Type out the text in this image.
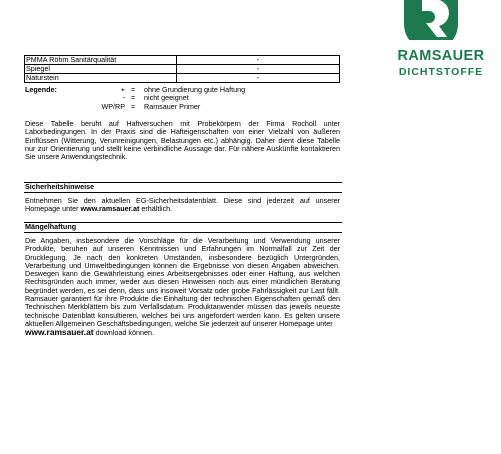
RAMSAUER
DICHTSTOFFE
PMMA Röhm Sanitärqualität	-
Spiegel	-
Naturstein	-
Legende:	+ = ohne Grundierung gute Haftung
- = nicht geeignet
WP/RP = Ramsauer Primer
Diese Tabelle beruht auf Haftversuchen mit Probekörpern der Firma Rocholl unter Laborbedingungen. In der Praxis sind die Hafteigenschaften von einer Vielzahl von äußeren Einflüssen (Witterung, Verunreinigungen, Belastungen etc.) abhängig. Daher dient diese Tabelle nur zur Orientierung und stellt keine verbindliche Aussage dar. Für nähere Auskünfte kontaktieren Sie unsere Anwendungstechnik.
Sicherheitshinweise
Entnehmen Sie den aktuellen EG-Sicherheitsdatenblatt. Diese sind jederzeit auf unserer Homepage unter www.ramsauer.at erhältlich.
Mängelhaftung
Die Angaben, insbesondere die Vorschläge für die Verarbeitung und Verwendung unserer Produkte, beruhen auf unseren Kenntnissen und Erfahrungen im Normalfall zur Zeit der Drucklegung. Je nach den konkreten Umständen, insbesondere bezüglich Untergründen, Verarbeitung und Umweltbedingungen können die Ergebnisse von diesen Angaben abweichen. Deswegen kann die Gewährleistung eines Arbeitsergebnisses oder einer Haftung, aus welchen Rechtsgründen auch immer, weder aus diesen Hinweisen noch aus einer mündlichen Beratung begründet werden, es sei denn, dass uns insoweit Vorsatz oder grobe Fahrlässigkeit zur Last fällt. Ramsauer garantiert für ihre Produkte die Einhaltung der technischen Eigenschaften gemäß den Technischen Merkblättern bis zum Verfallsdatum. Produktanwender müssen das jeweils neueste technische Datenblatt konsultieren, welches bei uns angefordert werden kann. Es gelten unsere aktuellen Allgemeinen Geschäftsbedingungen, welche Sie jederzeit auf unserer Homepage unter
www.ramsauer.at download können.
